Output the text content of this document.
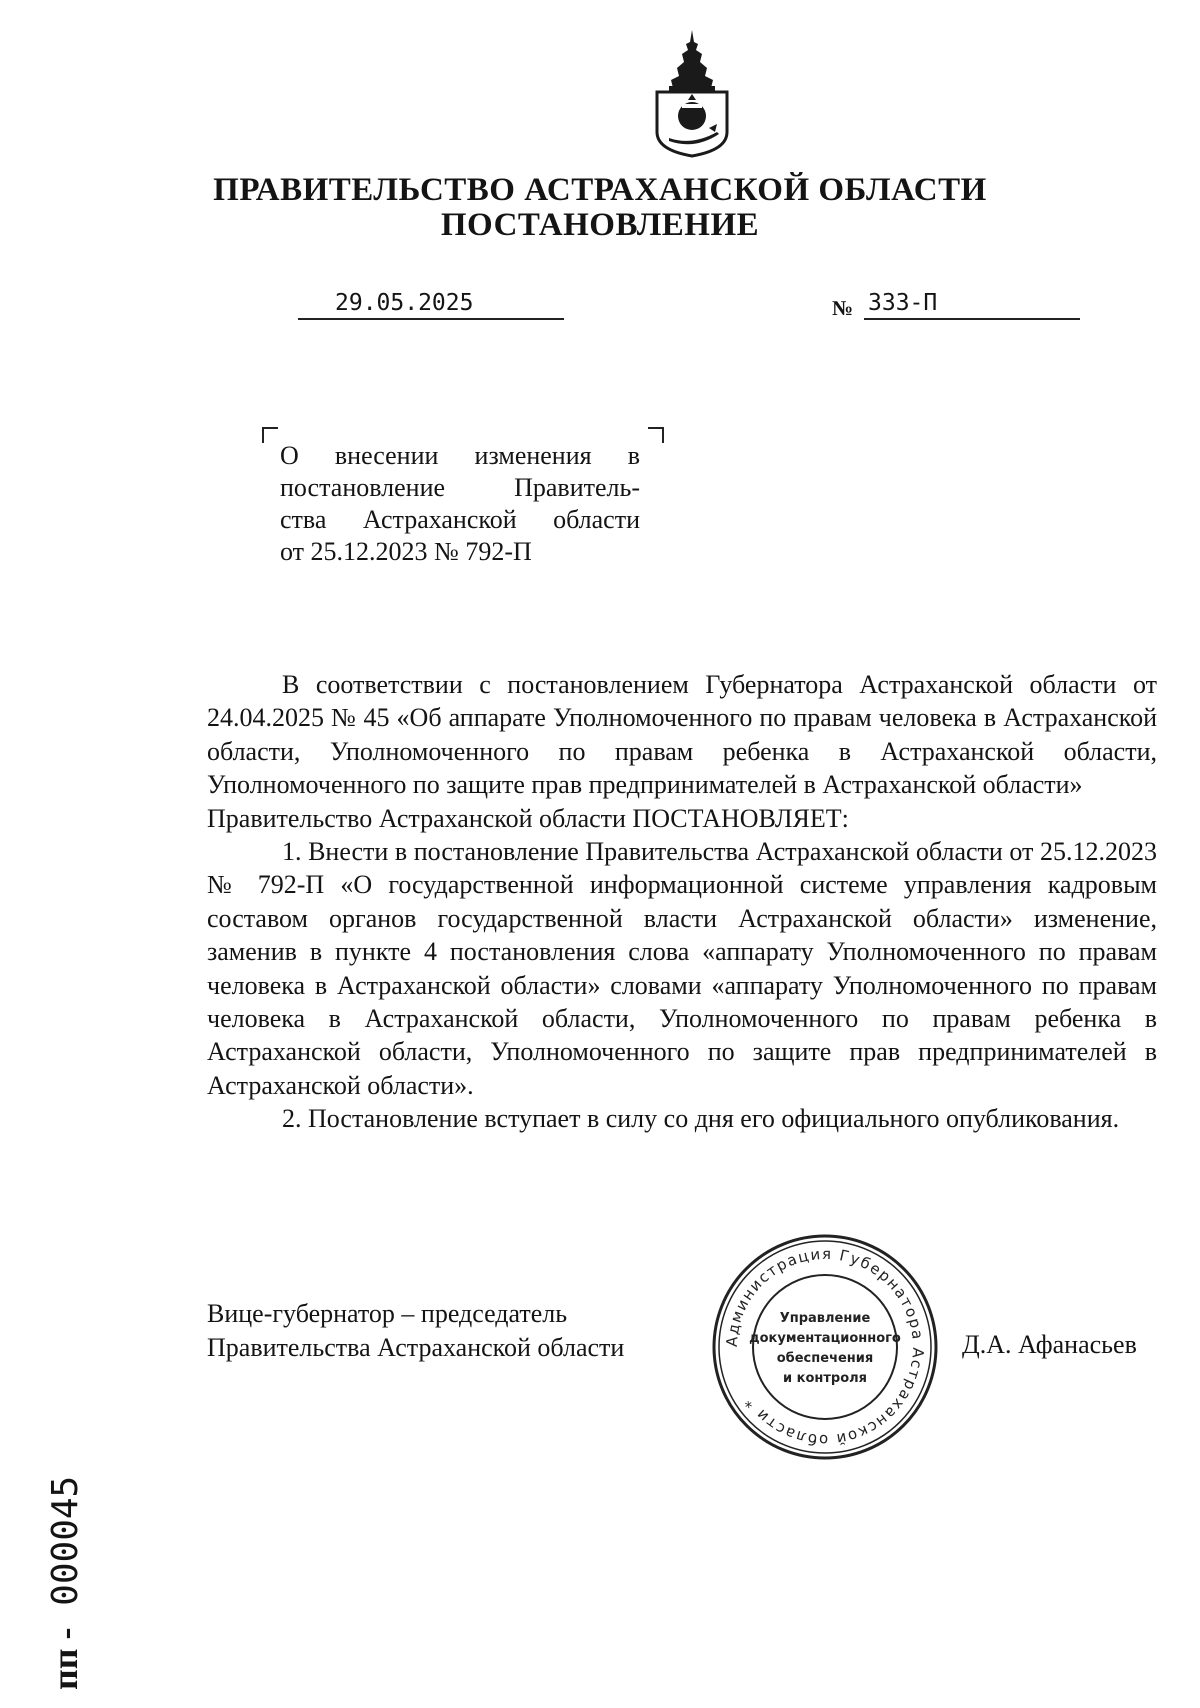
ПРАВИТЕЛЬСТВО АСТРАХАНСКОЙ ОБЛАСТИ
ПОСТАНОВЛЕНИЕ
29.05.2025	№ 333-П
О внесении изменения в
постановление Правитель-
ства Астраханской области
от 25.12.2023 № 792-П

В соответствии с постановлением Губернатора Астраханской области от 24.04.2025 № 45 «Об аппарате Уполномоченного по правам человека в Астраханской области, Уполномоченного по правам ребенка в Астраханской области, Уполномоченного по защите прав предпринимателей в Астраханской области»

Правительство Астраханской области ПОСТАНОВЛЯЕТ:

1. Внести в постановление Правительства Астраханской области от 25.12.2023 № 792-П «О государственной информационной системе управления кадровым составом органов государственной власти Астраханской области» изменение, заменив в пункте 4 постановления слова «аппарату Уполномоченного по правам человека в Астраханской области» словами «аппарату Уполномоченного по правам человека в Астраханской области, Уполномоченного по правам ребенка в Астраханской области, Уполномоченного по защите прав предпринимателей в Астраханской области».

2. Постановление вступает в силу со дня его официального опубликования.

Вице-губернатор – председатель
Правительства Астраханской области	Администрация Губернатора Астраханской области *
Управление
документационного
обеспечения
и контроля
Д.А. Афанасьев
пп - 000045
